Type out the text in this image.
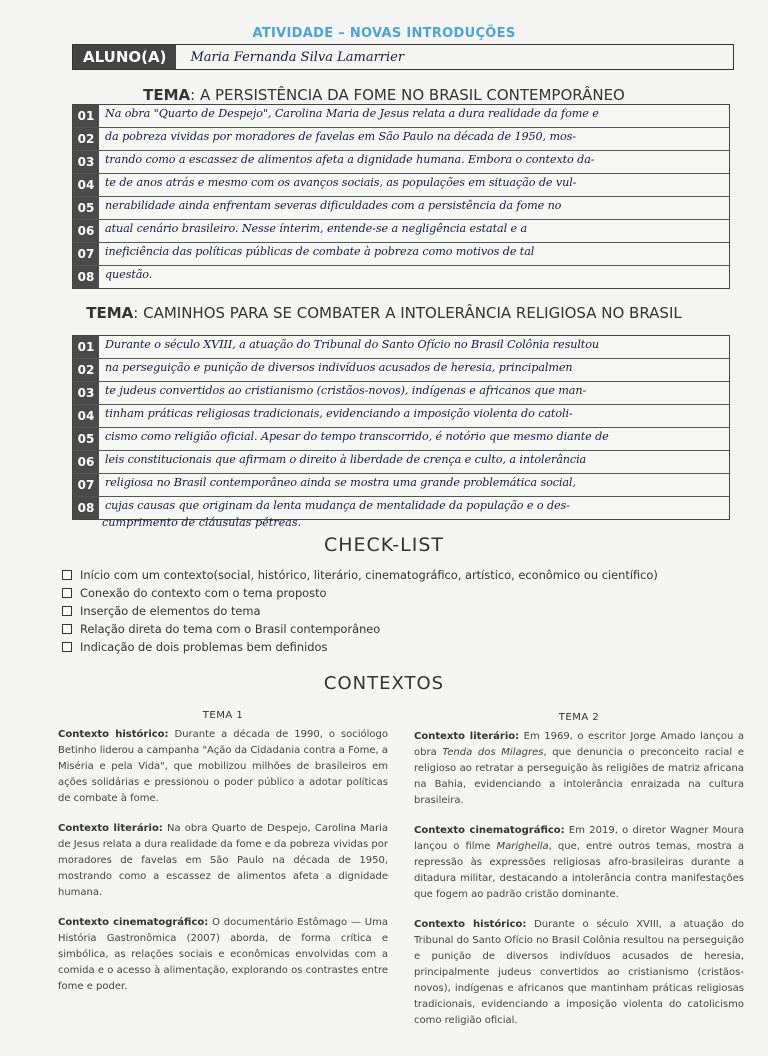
ATIVIDADE – NOVAS INTRODUÇÕES
ALUNO(A)	Maria Fernanda Silva Lamarrier
TEMA: A PERSISTÊNCIA DA FOME NO BRASIL CONTEMPORÂNEO
01 Na obra "Quarto de Despejo", Carolina Maria de Jesus relata a dura realidade da fome e
02 da pobreza vividas por moradores de favelas em São Paulo na década de 1950, mos-
03 trando como a escassez de alimentos afeta a dignidade humana. Embora o contexto da-
04 te de anos atrás e mesmo com os avanços sociais, as populações em situação de vul-
05 nerabilidade ainda enfrentam severas dificuldades com a persistência da fome no
06 atual cenário brasileiro. Nesse ínterim, entende-se a negligência estatal e a
07 ineficiência das políticas públicas de combate à pobreza como motivos de tal
08 questão.
TEMA: CAMINHOS PARA SE COMBATER A INTOLERÂNCIA RELIGIOSA NO BRASIL
01 Durante o século XVIII, a atuação do Tribunal do Santo Ofício no Brasil Colônia resultou
02 na perseguição e punição de diversos indivíduos acusados de heresia, principalmen
03 te judeus convertidos ao cristianismo (cristãos-novos), indígenas e africanos que man-
04 tinham práticas religiosas tradicionais, evidenciando a imposição violenta do catoli-
05 cismo como religião oficial. Apesar do tempo transcorrido, é notório que mesmo diante de
06 leis constitucionais que afirmam o direito à liberdade de crença e culto, a intolerância
07 religiosa no Brasil contemporâneo ainda se mostra uma grande problemática social,
08 cujas causas que originam da lenta mudança de mentalidade da população e o des-
cumprimento de cláusulas pétreas.
CHECK-LIST
Início com um contexto (social, histórico, literário, cinematográfico, artístico, econômico ou científico)
Conexão do contexto com o tema proposto
Inserção de elementos do tema
Relação direta do tema com o Brasil contemporâneo
Indicação de dois problemas bem definidos
CONTEXTOS
TEMA 1

Contexto histórico: Durante a década de 1990, o sociólogo Betinho liderou a campanha "Ação da Cidadania contra a Fome, a Miséria e pela Vida", que mobilizou milhões de brasileiros em ações solidárias e pressionou o poder público a adotar políticas de combate à fome.

Contexto literário: Na obra Quarto de Despejo, Carolina Maria de Jesus relata a dura realidade da fome e da pobreza vividas por moradores de favelas em São Paulo na década de 1950, mostrando como a escassez de alimentos afeta a dignidade humana.

Contexto cinematográfico: O documentário Estômago — Uma História Gastronômica (2007) aborda, de forma crítica e simbólica, as relações sociais e econômicas envolvidas com a comida e o acesso à alimentação, explorando os contrastes entre fome e poder.

TEMA 2

Contexto literário: Em 1969, o escritor Jorge Amado lançou a obra Tenda dos Milagres, que denuncia o preconceito racial e religioso ao retratar a perseguição às religiões de matriz africana na Bahia, evidenciando a intolerância enraizada na cultura brasileira.

Contexto cinematográfico: Em 2019, o diretor Wagner Moura lançou o filme Marighella, que, entre outros temas, mostra a repressão às expressões religiosas afro-brasileiras durante a ditadura militar, destacando a intolerância contra manifestações que fogem ao padrão cristão dominante.

Contexto histórico: Durante o século XVIII, a atuação do Tribunal do Santo Ofício no Brasil Colônia resultou na perseguição e punição de diversos indivíduos acusados de heresia, principalmente judeus convertidos ao cristianismo (cristãos-novos), indígenas e africanos que mantinham práticas religiosas tradicionais, evidenciando a imposição violenta do catolicismo como religião oficial.
